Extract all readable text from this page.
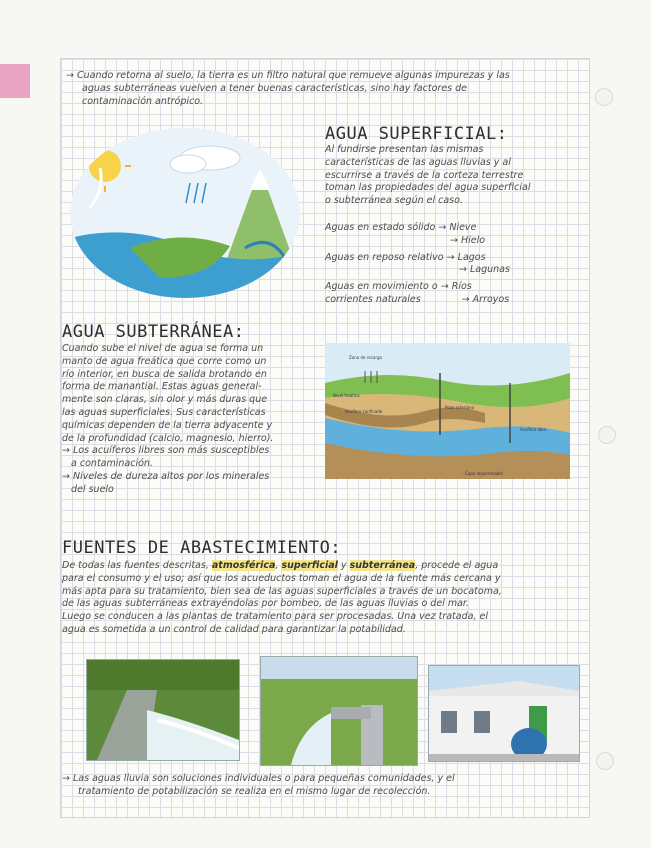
→ Cuando retorna al suelo, la tierra es un filtro natural que remueve algunas impurezas y las
aguas subterráneas vuelven a tener buenas características, sino hay factores de
contaminación antrópico.
AGUA SUPERFICIAL:
Al fundirse presentan las mismas
características de las aguas lluvias y al
escurrirse a través de la corteza terrestre
toman las propiedades del agua superficial
o subterránea según el caso.
Aguas en estado sólido → Nieve
→ Hielo
Aguas en reposo relativo → Lagos
→ Lagunas
Aguas en movimiento o → Ríos
corrientes naturales	→ Arroyos
AGUA SUBTERRÁNEA:
Cuando sube el nivel de agua se forma un
manto de agua freática que corre como un
río interior, en busca de salida brotando en
forma de manantial. Estas aguas general-
mente son claras, sin olor y más duras que
las aguas superficiales. Sus características
químicas dependen de la tierra adyacente y
de la profundidad (calcio, magnesio, hierro).
→ Los acuíferos libres son más susceptibles
a contaminación.
→ Niveles de dureza altos por los minerales
del suelo
Zona de recarga
Nivel freático
Acuífero confinado
Acuífero libre
Capa impermeable
Pozo artesiano
FUENTES DE ABASTECIMIENTO:
De todas las fuentes descritas, atmosférica, superficial y subterránea, procede el agua
para el consumo y el uso; así que los acueductos toman el agua de la fuente más cercana y
más apta para su tratamiento, bien sea de las aguas superficiales a través de un bocatoma,
de las aguas subterráneas extrayéndolas por bombeo, de las aguas lluvias o del mar.
Luego se conducen a las plantas de tratamiento para ser procesadas. Una vez tratada, el
agua es sometida a un control de calidad para garantizar la potabilidad.
→ Las aguas lluvia son soluciones individuales o para pequeñas comunidades, y el
tratamiento de potabilización se realiza en el mismo lugar de recolección.
